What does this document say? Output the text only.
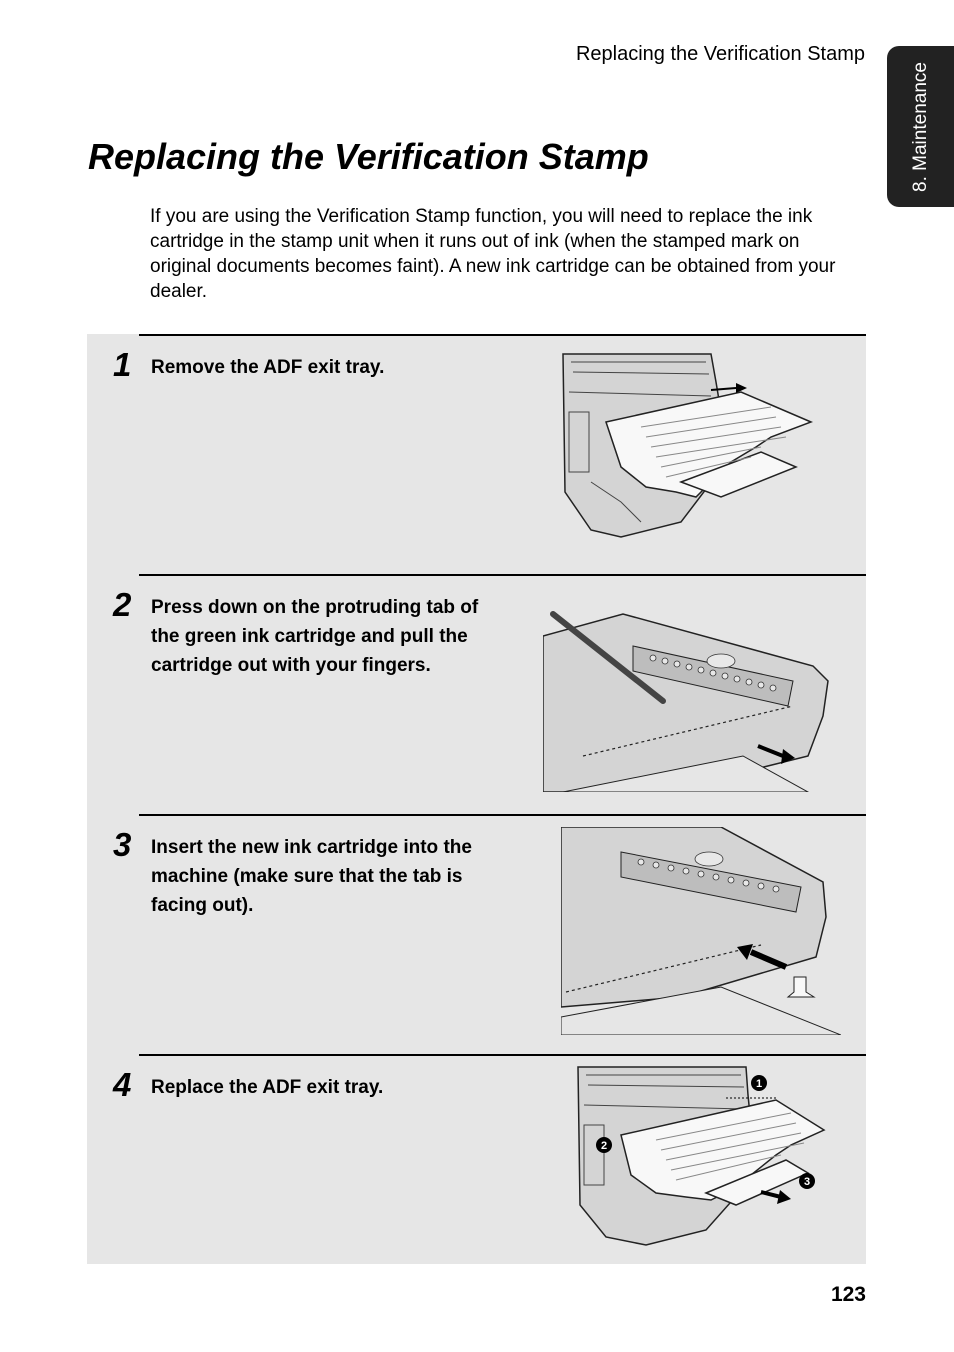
Replacing the Verification Stamp
8. Maintenance
Replacing the Verification Stamp

If you are using the Verification Stamp function, you will need to replace the ink cartridge in the stamp unit when it runs out of ink (when the stamped mark on original documents becomes faint). A new ink cartridge can be obtained from your dealer.

1 Remove the ADF exit tray.

2 Press down on the protruding tab of the green ink cartridge and pull the cartridge out with your fingers.

3 Insert the new ink cartridge into the machine (make sure that the tab is facing out).

4 Replace the ADF exit tray.	1
2
3
123
